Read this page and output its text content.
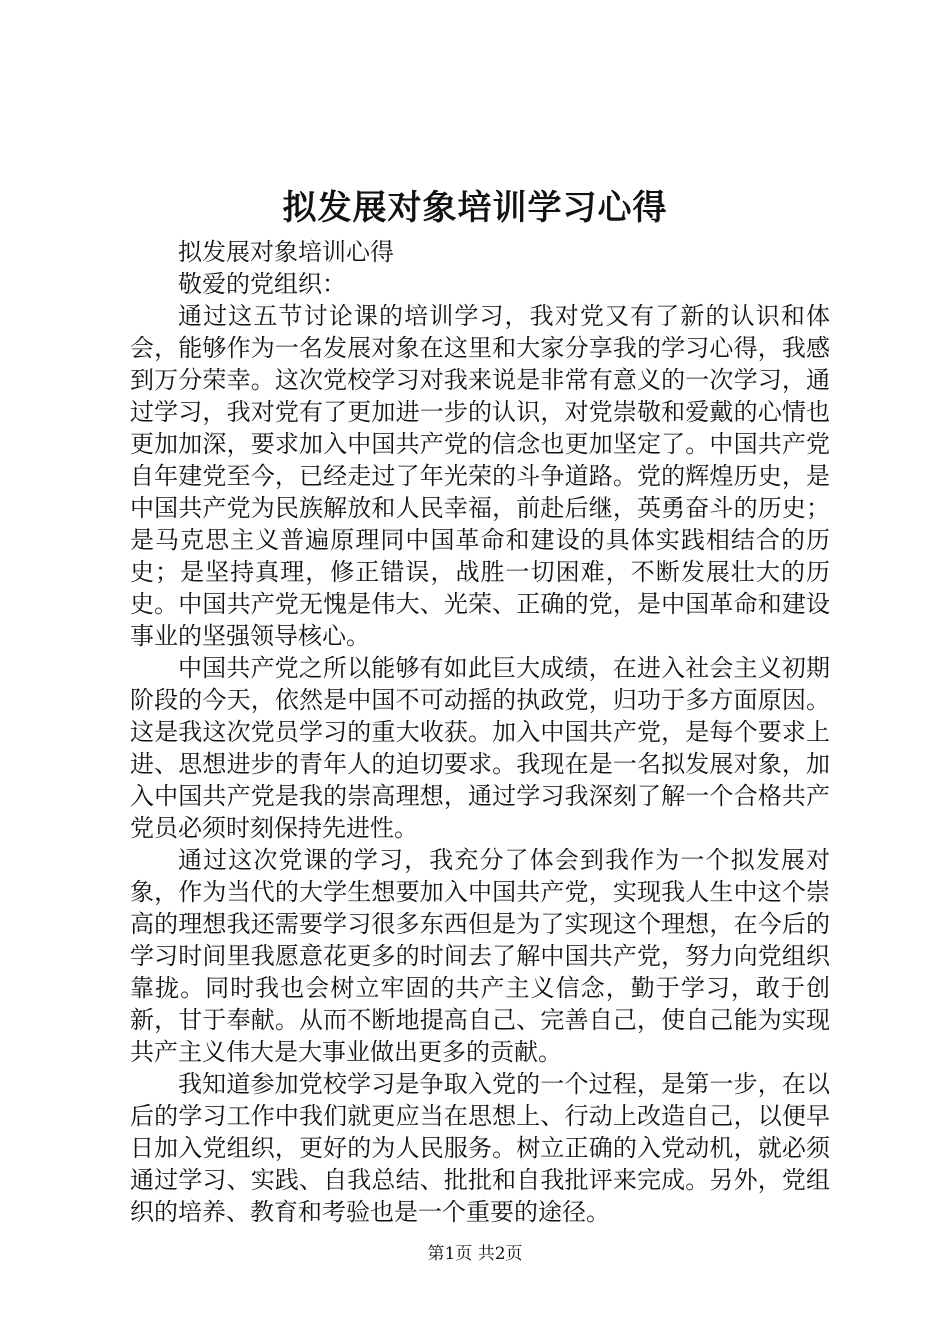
拟发展对象培训学习心得

拟发展对象培训心得

敬爱的党组织：

通过这五节讨论课的培训学习，我对党又有了新的认识和体会，能够作为一名发展对象在这里和大家分享我的学习心得，我感到万分荣幸。这次党校学习对我来说是非常有意义的一次学习，通过学习，我对党有了更加进一步的认识，对党崇敬和爱戴的心情也更加加深，要求加入中国共产党的信念也更加坚定了。中国共产党自年建党至今，已经走过了年光荣的斗争道路。党的辉煌历史，是中国共产党为民族解放和人民幸福，前赴后继，英勇奋斗的历史；是马克思主义普遍原理同中国革命和建设的具体实践相结合的历史；是坚持真理，修正错误，战胜一切困难，不断发展壮大的历史。中国共产党无愧是伟大、光荣、正确的党，是中国革命和建设事业的坚强领导核心。

中国共产党之所以能够有如此巨大成绩，在进入社会主义初期阶段的今天，依然是中国不可动摇的执政党，归功于多方面原因。这是我这次党员学习的重大收获。加入中国共产党，是每个要求上进、思想进步的青年人的迫切要求。我现在是一名拟发展对象，加入中国共产党是我的崇高理想，通过学习我深刻了解一个合格共产党员必须时刻保持先进性。

通过这次党课的学习，我充分了体会到我作为一个拟发展对象，作为当代的大学生想要加入中国共产党，实现我人生中这个崇高的理想我还需要学习很多东西但是为了实现这个理想，在今后的学习时间里我愿意花更多的时间去了解中国共产党，努力向党组织靠拢。同时我也会树立牢固的共产主义信念，勤于学习，敢于创新，甘于奉献。从而不断地提高自己、完善自己，使自己能为实现共产主义伟大是大事业做出更多的贡献。

我知道参加党校学习是争取入党的一个过程，是第一步，在以后的学习工作中我们就更应当在思想上、行动上改造自己，以便早日加入党组织，更好的为人民服务。树立正确的入党动机，就必须通过学习、实践、自我总结、批批和自我批评来完成。另外，党组织的培养、教育和考验也是一个重要的途径。

第1页 共2页
